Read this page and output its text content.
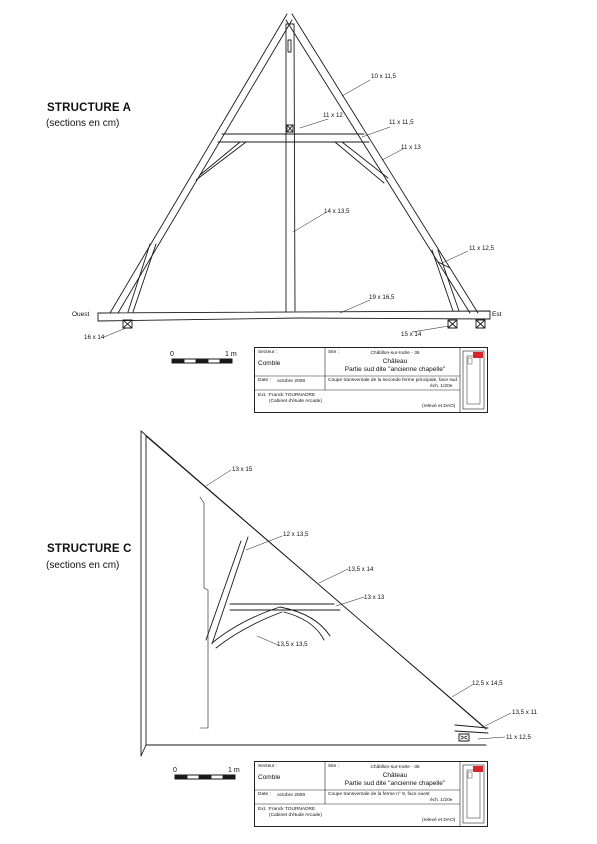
STRUCTURE A
(sections en cm)
Ouest	Est
10 x 11,5
11 x 12
11 x 11,5
11 x 13
14 x 13,5
11 x 12,5
19 x 16,5
16 x 14	15 x 14
0	1 m	Secteur :
Comble
Site :	Châtillon-sur-Indre - 36
Château
Partie sud dite "ancienne chapelle"
Date : octobre 2008	Coupe transversale de la seconde ferme principale, face sud
éch. 1/20e
Ext. : Franck TOURNADRE
(Cabinet d'étude Arcade)
(relevé et DAO)
STRUCTURE C
(sections en cm)
13 x 15
12 x 13,5
13,5 x 14
13 x 13
13,5 x 13,5
12,5 x 14,5
13,5 x 11
11 x 12,5
0	1 m
Secteur :
Comble
Site :	Châtillon-sur-Indre - 36
Château
Partie sud dite "ancienne chapelle"
Date : octobre 2008	Coupe transversale de la ferme n° 9, face ouest
éch. 1/20e
Ext. : Franck TOURNADRE
(Cabinet d'étude Arcade)
(relevé et DAO)
